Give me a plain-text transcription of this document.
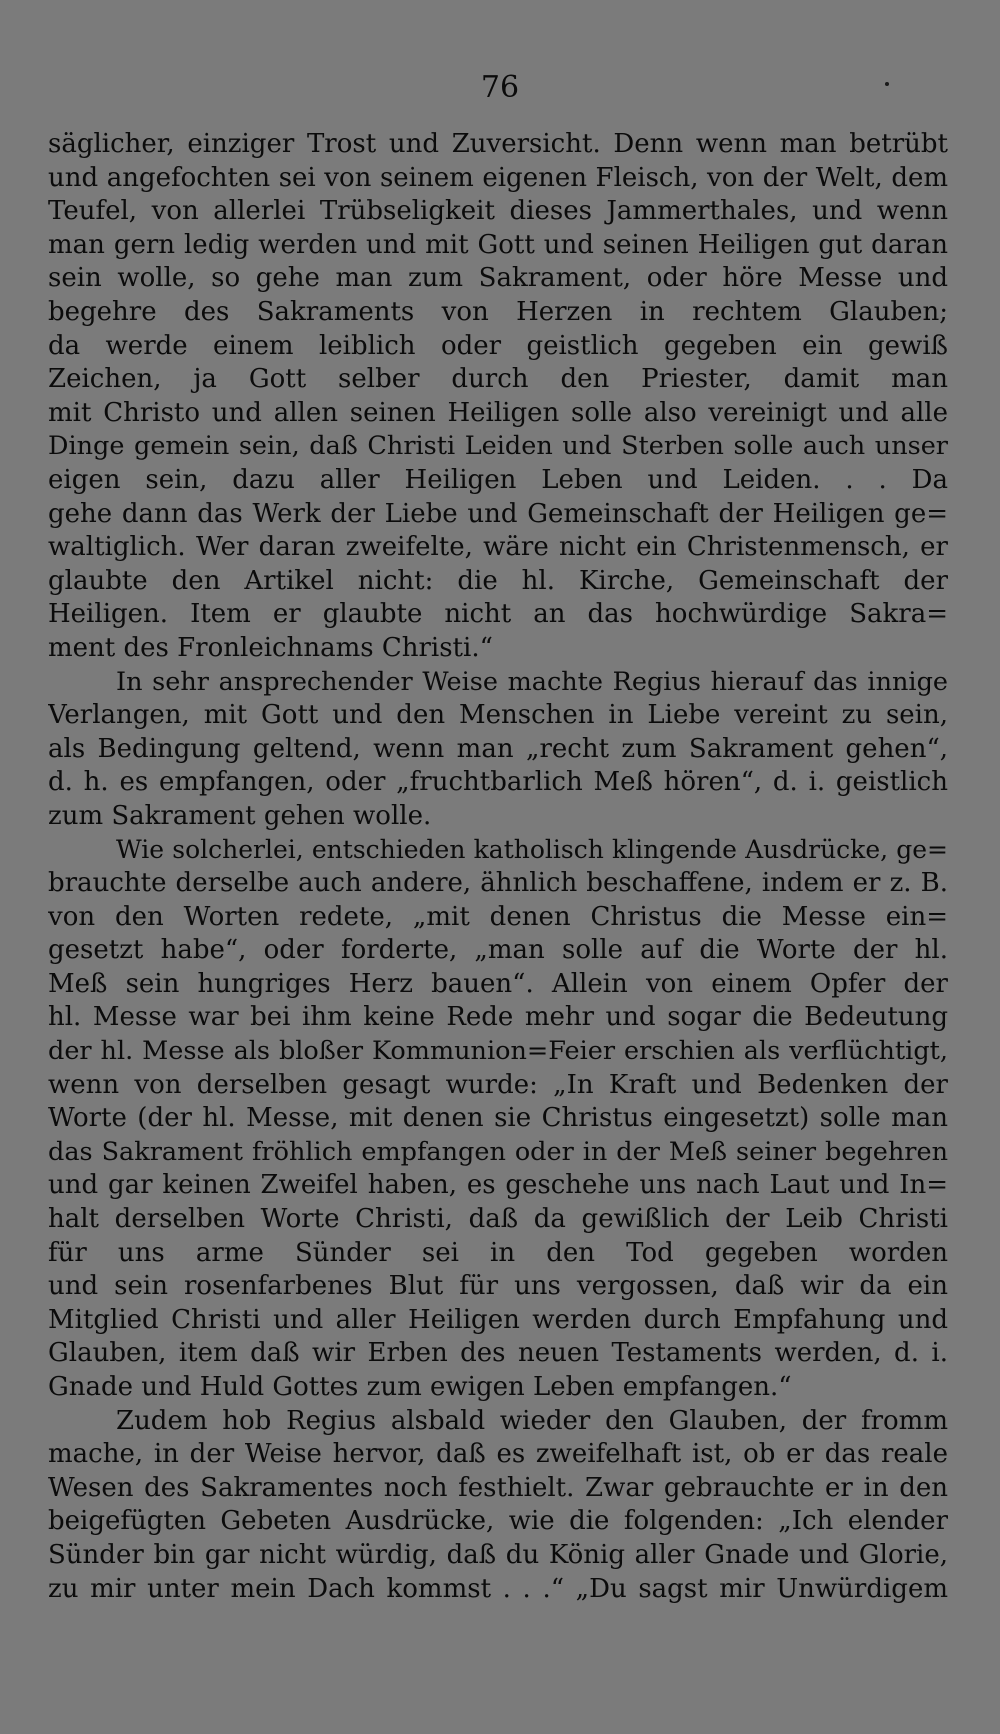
76
säglicher, einziger Trost und Zuversicht. Denn wenn man betrübt
und angefochten sei von seinem eigenen Fleisch, von der Welt, dem
Teufel, von allerlei Trübseligkeit dieses Jammerthales, und wenn
man gern ledig werden und mit Gott und seinen Heiligen gut daran
sein wolle, so gehe man zum Sakrament, oder höre Messe und
begehre des Sakraments von Herzen in rechtem Glauben;
da werde einem leiblich oder geistlich gegeben ein gewiß
Zeichen, ja Gott selber durch den Priester, damit man
mit Christo und allen seinen Heiligen solle also vereinigt und alle
Dinge gemein sein, daß Christi Leiden und Sterben solle auch unser
eigen sein, dazu aller Heiligen Leben und Leiden. . . Da
gehe dann das Werk der Liebe und Gemeinschaft der Heiligen ge=
waltiglich. Wer daran zweifelte, wäre nicht ein Christenmensch, er
glaubte den Artikel nicht: die hl. Kirche, Gemeinschaft der
Heiligen. Item er glaubte nicht an das hochwürdige Sakra=
ment des Fronleichnams Christi.“
In sehr ansprechender Weise machte Regius hierauf das innige
Verlangen, mit Gott und den Menschen in Liebe vereint zu sein,
als Bedingung geltend, wenn man „recht zum Sakrament gehen“,
d. h. es empfangen, oder „fruchtbarlich Meß hören“, d. i. geistlich
zum Sakrament gehen wolle.
Wie solcherlei, entschieden katholisch klingende Ausdrücke, ge=
brauchte derselbe auch andere, ähnlich beschaffene, indem er z. B.
von den Worten redete, „mit denen Christus die Messe ein=
gesetzt habe“, oder forderte, „man solle auf die Worte der hl.
Meß sein hungriges Herz bauen“. Allein von einem Opfer der
hl. Messe war bei ihm keine Rede mehr und sogar die Bedeutung
der hl. Messe als bloßer Kommunion=Feier erschien als verflüchtigt,
wenn von derselben gesagt wurde: „In Kraft und Bedenken der
Worte (der hl. Messe, mit denen sie Christus eingesetzt) solle man
das Sakrament fröhlich empfangen oder in der Meß seiner begehren
und gar keinen Zweifel haben, es geschehe uns nach Laut und In=
halt derselben Worte Christi, daß da gewißlich der Leib Christi
für uns arme Sünder sei in den Tod gegeben worden
und sein rosenfarbenes Blut für uns vergossen, daß wir da ein
Mitglied Christi und aller Heiligen werden durch Empfahung und
Glauben, item daß wir Erben des neuen Testaments werden, d. i.
Gnade und Huld Gottes zum ewigen Leben empfangen.“
Zudem hob Regius alsbald wieder den Glauben, der fromm
mache, in der Weise hervor, daß es zweifelhaft ist, ob er das reale
Wesen des Sakramentes noch festhielt. Zwar gebrauchte er in den
beigefügten Gebeten Ausdrücke, wie die folgenden: „Ich elender
Sünder bin gar nicht würdig, daß du König aller Gnade und Glorie,
zu mir unter mein Dach kommst . . .“ „Du sagst mir Unwürdigem
